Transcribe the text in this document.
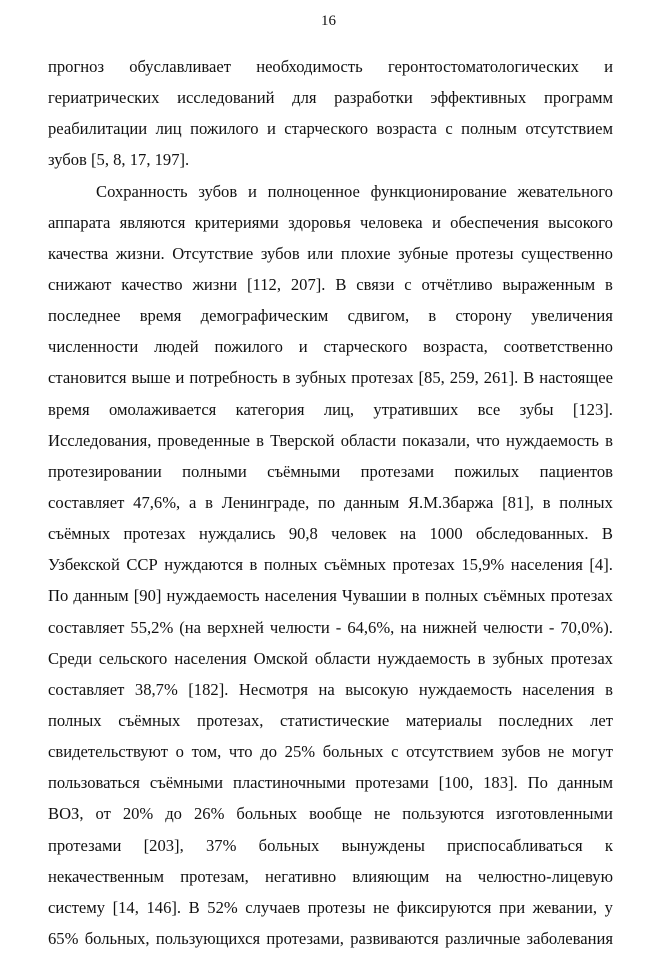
16
прогноз обуславливает необходимость геронтостоматологических и
гериатрических исследований для разработки эффективных программ
реабилитации лиц пожилого и старческого возраста с полным отсутствием
зубов [5, 8, 17, 197].
Сохранность зубов и полноценное функционирование жевательного
аппарата являются критериями здоровья человека и обеспечения высокого
качества жизни. Отсутствие зубов или плохие зубные протезы существенно
снижают качество жизни [112, 207]. В связи с отчётливо выраженным в
последнее время демографическим сдвигом, в сторону увеличения
численности людей пожилого и старческого возраста, соответственно
становится выше и потребность в зубных протезах [85, 259, 261]. В настоящее
время омолаживается категория лиц, утративших все зубы [123].
Исследования, проведенные в Тверской области показали, что нуждаемость в
протезировании полными съёмными протезами пожилых пациентов
составляет 47,6%, а в Ленинграде, по данным Я.М.Збаржа [81], в полных
съёмных протезах нуждались 90,8 человек на 1000 обследованных. В
Узбекской ССР нуждаются в полных съёмных протезах 15,9% населения [4].
По данным [90] нуждаемость населения Чувашии в полных съёмных протезах
составляет 55,2% (на верхней челюсти - 64,6%, на нижней челюсти - 70,0%).
Среди сельского населения Омской области нуждаемость в зубных протезах
составляет 38,7% [182]. Несмотря на высокую нуждаемость населения в
полных съёмных протезах, статистические материалы последних лет
свидетельствуют о том, что до 25% больных с отсутствием зубов не могут
пользоваться съёмными пластиночными протезами [100, 183]. По данным
ВОЗ, от 20% до 26% больных вообще не пользуются изготовленными
протезами [203], 37% больных вынуждены приспосабливаться к
некачественным протезам, негативно влияющим на челюстно-лицевую
систему [14, 146]. В 52% случаев протезы не фиксируются при жевании, у
65% больных, пользующихся протезами, развиваются различные заболевания
